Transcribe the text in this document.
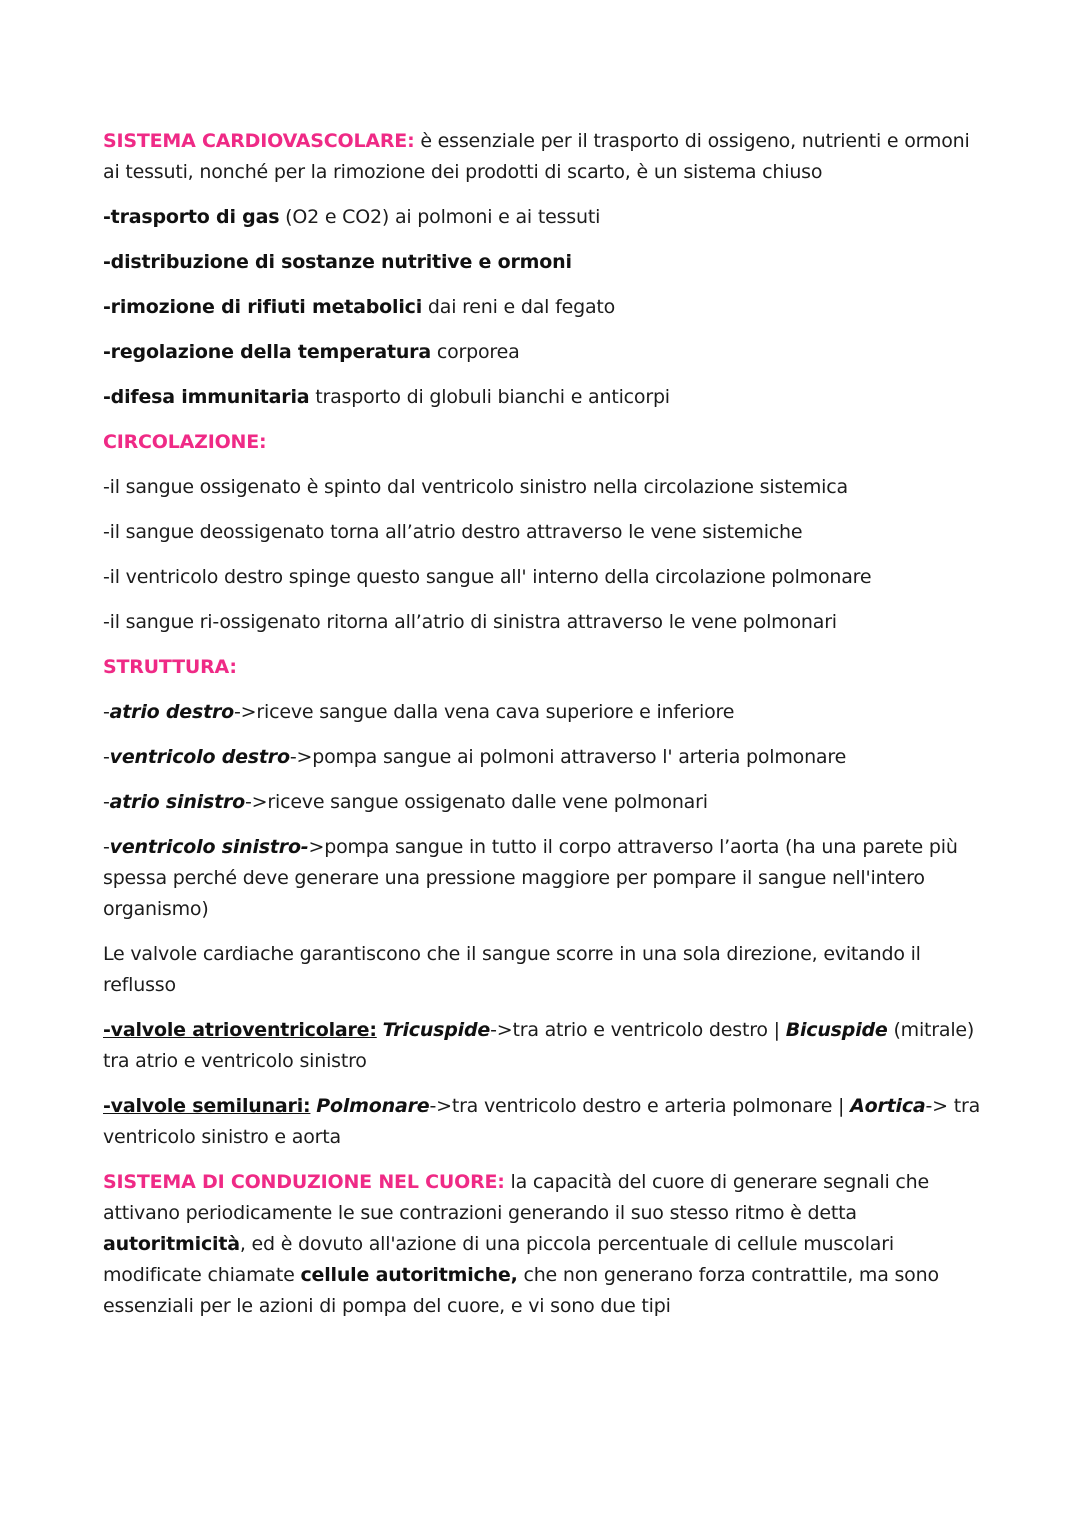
SISTEMA CARDIOVASCOLARE: è essenziale per il trasporto di ossigeno, nutrienti e ormoni ai tessuti, nonché per la rimozione dei prodotti di scarto, è un sistema chiuso

-trasporto di gas (O2 e CO2) ai polmoni e ai tessuti

-distribuzione di sostanze nutritive e ormoni

-rimozione di rifiuti metabolici dai reni e dal fegato

-regolazione della temperatura corporea

-difesa immunitaria trasporto di globuli bianchi e anticorpi

CIRCOLAZIONE:

-il sangue ossigenato è spinto dal ventricolo sinistro nella circolazione sistemica

-il sangue deossigenato torna all’atrio destro attraverso le vene sistemiche

-il ventricolo destro spinge questo sangue all' interno della circolazione polmonare

-il sangue ri-ossigenato ritorna all’atrio di sinistra attraverso le vene polmonari

STRUTTURA:

-atrio destro->riceve sangue dalla vena cava superiore e inferiore

-ventricolo destro->pompa sangue ai polmoni attraverso l' arteria polmonare

-atrio sinistro->riceve sangue ossigenato dalle vene polmonari

-ventricolo sinistro->pompa sangue in tutto il corpo attraverso l’aorta (ha una parete più spessa perché deve generare una pressione maggiore per pompare il sangue nell'intero organismo)

Le valvole cardiache garantiscono che il sangue scorre in una sola direzione, evitando il reflusso

-valvole atrioventricolare: Tricuspide->tra atrio e ventricolo destro | Bicuspide (mitrale) tra atrio e ventricolo sinistro

-valvole semilunari: Polmonare->tra ventricolo destro e arteria polmonare | Aortica-> tra ventricolo sinistro e aorta

SISTEMA DI CONDUZIONE NEL CUORE: la capacità del cuore di generare segnali che attivano periodicamente le sue contrazioni generando il suo stesso ritmo è detta autoritmicità, ed è dovuto all'azione di una piccola percentuale di cellule muscolari modificate chiamate cellule autoritmiche, che non generano forza contrattile, ma sono essenziali per le azioni di pompa del cuore, e vi sono due tipi
